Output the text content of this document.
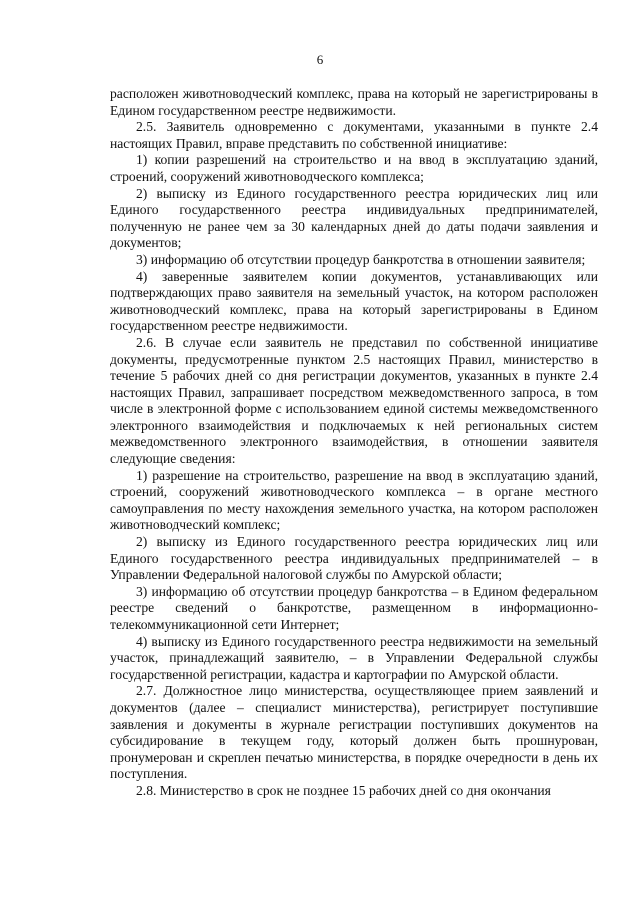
6

расположен животноводческий комплекс, права на который не зарегистрированы в Едином государственном реестре недвижимости.

2.5. Заявитель одновременно с документами, указанными в пункте 2.4 настоящих Правил, вправе представить по собственной инициативе:

1) копии разрешений на строительство и на ввод в эксплуатацию зданий, строений, сооружений животноводческого комплекса;

2) выписку из Единого государственного реестра юридических лиц или Единого государственного реестра индивидуальных предпринимателей, полученную не ранее чем за 30 календарных дней до даты подачи заявления и документов;

3) информацию об отсутствии процедур банкротства в отношении заявителя;

4) заверенные заявителем копии документов, устанавливающих или подтверждающих право заявителя на земельный участок, на котором расположен животноводческий комплекс, права на который зарегистрированы в Едином государственном реестре недвижимости.

2.6. В случае если заявитель не представил по собственной инициативе документы, предусмотренные пунктом 2.5 настоящих Правил, министерство в течение 5 рабочих дней со дня регистрации документов, указанных в пункте 2.4 настоящих Правил, запрашивает посредством межведомственного запроса, в том числе в электронной форме с использованием единой системы межведомственного электронного взаимодействия и подключаемых к ней региональных систем межведомственного электронного взаимодействия, в отношении заявителя следующие сведения:

1) разрешение на строительство, разрешение на ввод в эксплуатацию зданий, строений, сооружений животноводческого комплекса – в органе местного самоуправления по месту нахождения земельного участка, на котором расположен животноводческий комплекс;

2) выписку из Единого государственного реестра юридических лиц или Единого государственного реестра индивидуальных предпринимателей – в Управлении Федеральной налоговой службы по Амурской области;

3) информацию об отсутствии процедур банкротства – в Едином федеральном реестре сведений о банкротстве, размещенном в информационно-телекоммуникационной сети Интернет;

4) выписку из Единого государственного реестра недвижимости на земельный участок, принадлежащий заявителю, – в Управлении Федеральной службы государственной регистрации, кадастра и картографии по Амурской области.

2.7. Должностное лицо министерства, осуществляющее прием заявлений и документов (далее – специалист министерства), регистрирует поступившие заявления и документы в журнале регистрации поступивших документов на субсидирование в текущем году, который должен быть прошнурован, пронумерован и скреплен печатью министерства, в порядке очередности в день их поступления.

2.8. Министерство в срок не позднее 15 рабочих дней со дня окончания
